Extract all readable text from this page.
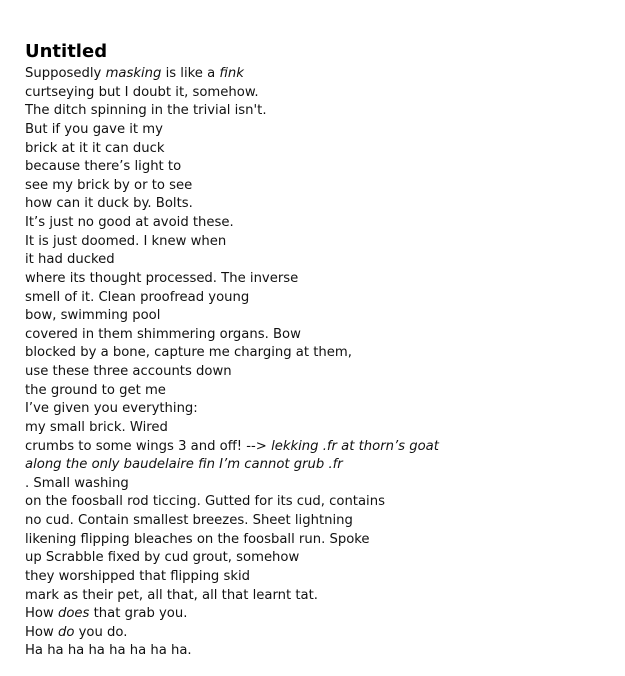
Untitled
Supposedly masking is like a fink
curtseying but I doubt it, somehow.
The ditch spinning in the trivial isn't.
But if you gave it my
brick at it it can duck
because there’s light to
see my brick by or to see
how can it duck by. Bolts.
It’s just no good at avoid these.
It is just doomed. I knew when
it had ducked
where its thought processed. The inverse
smell of it. Clean proofread young
bow, swimming pool
covered in them shimmering organs. Bow
blocked by a bone, capture me charging at them,
use these three accounts down
the ground to get me
I’ve given you everything:
my small brick. Wired
crumbs to some wings 3 and off! --> lekking .fr at thorn’s goat
along the only baudelaire fin I’m cannot grub .fr
. Small washing
on the foosball rod ticcing. Gutted for its cud, contains
no cud. Contain smallest breezes. Sheet lightning
likening flipping bleaches on the foosball run. Spoke
up Scrabble fixed by cud grout, somehow
they worshipped that flipping skid
mark as their pet, all that, all that learnt tat.
How does that grab you.
How do you do.
Ha ha ha ha ha ha ha ha.
